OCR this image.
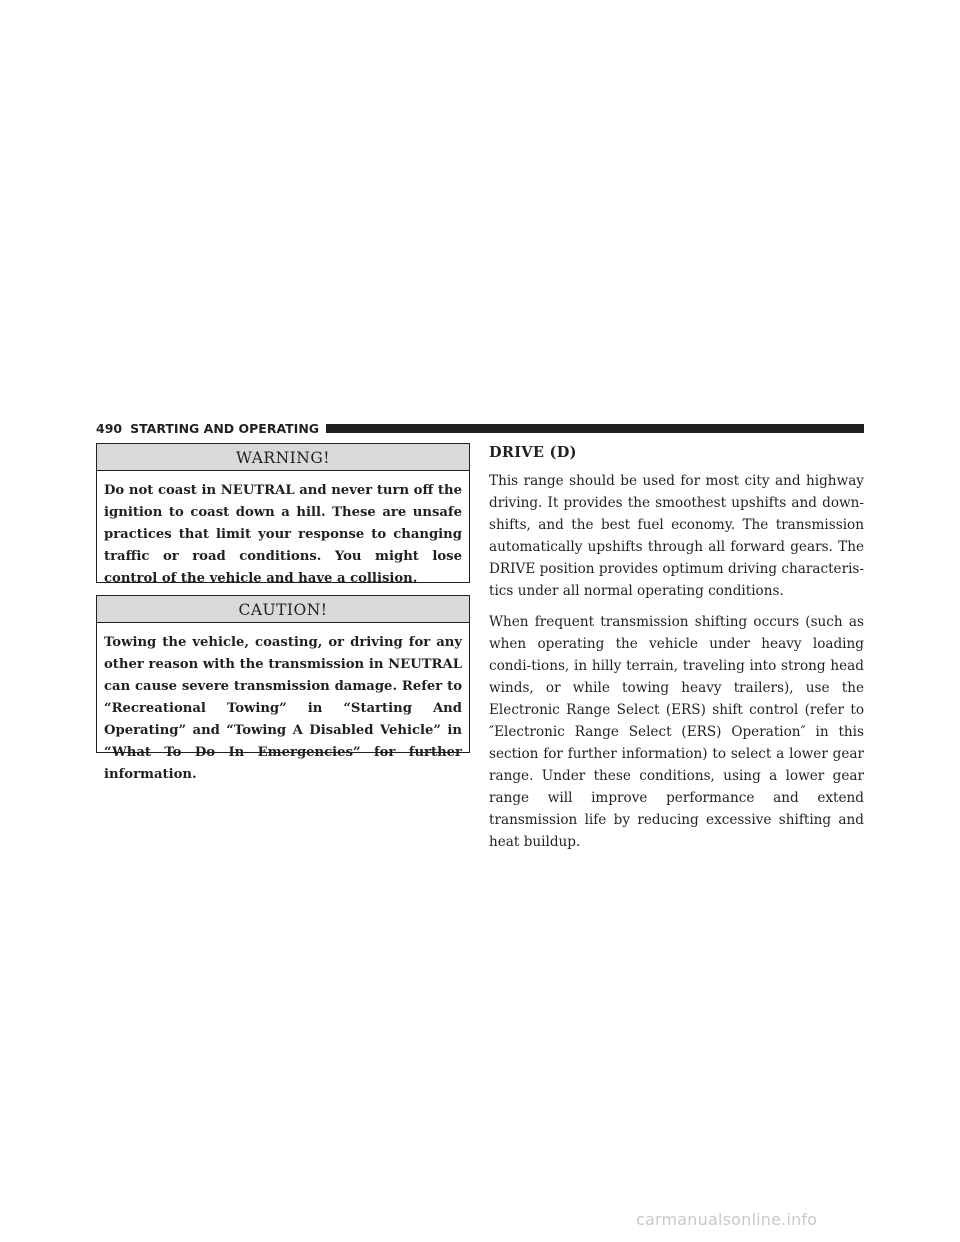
490 STARTING AND OPERATING
WARNING!
Do not coast in NEUTRAL and never turn off the ignition to coast down a hill. These are unsafe practices that limit your response to changing traffic or road conditions. You might lose control of the vehicle and have a collision.
CAUTION!
Towing the vehicle, coasting, or driving for any other reason with the transmission in NEUTRAL can cause severe transmission damage. Refer to “Recreational Towing” in “Starting And Operating” and “Towing A Disabled Vehicle” in “What To Do In Emergencies” for further information.
DRIVE (D)

This range should be used for most city and highway driving. It provides the smoothest upshifts and down-shifts, and the best fuel economy. The transmission automatically upshifts through all forward gears. The DRIVE position provides optimum driving characteris-tics under all normal operating conditions.

When frequent transmission shifting occurs (such as when operating the vehicle under heavy loading condi-tions, in hilly terrain, traveling into strong head winds, or while towing heavy trailers), use the Electronic Range Select (ERS) shift control (refer to ″Electronic Range Select (ERS) Operation″ in this section for further information) to select a lower gear range. Under these conditions, using a lower gear range will improve performance and extend transmission life by reducing excessive shifting and heat buildup.

carmanualsonline.info
